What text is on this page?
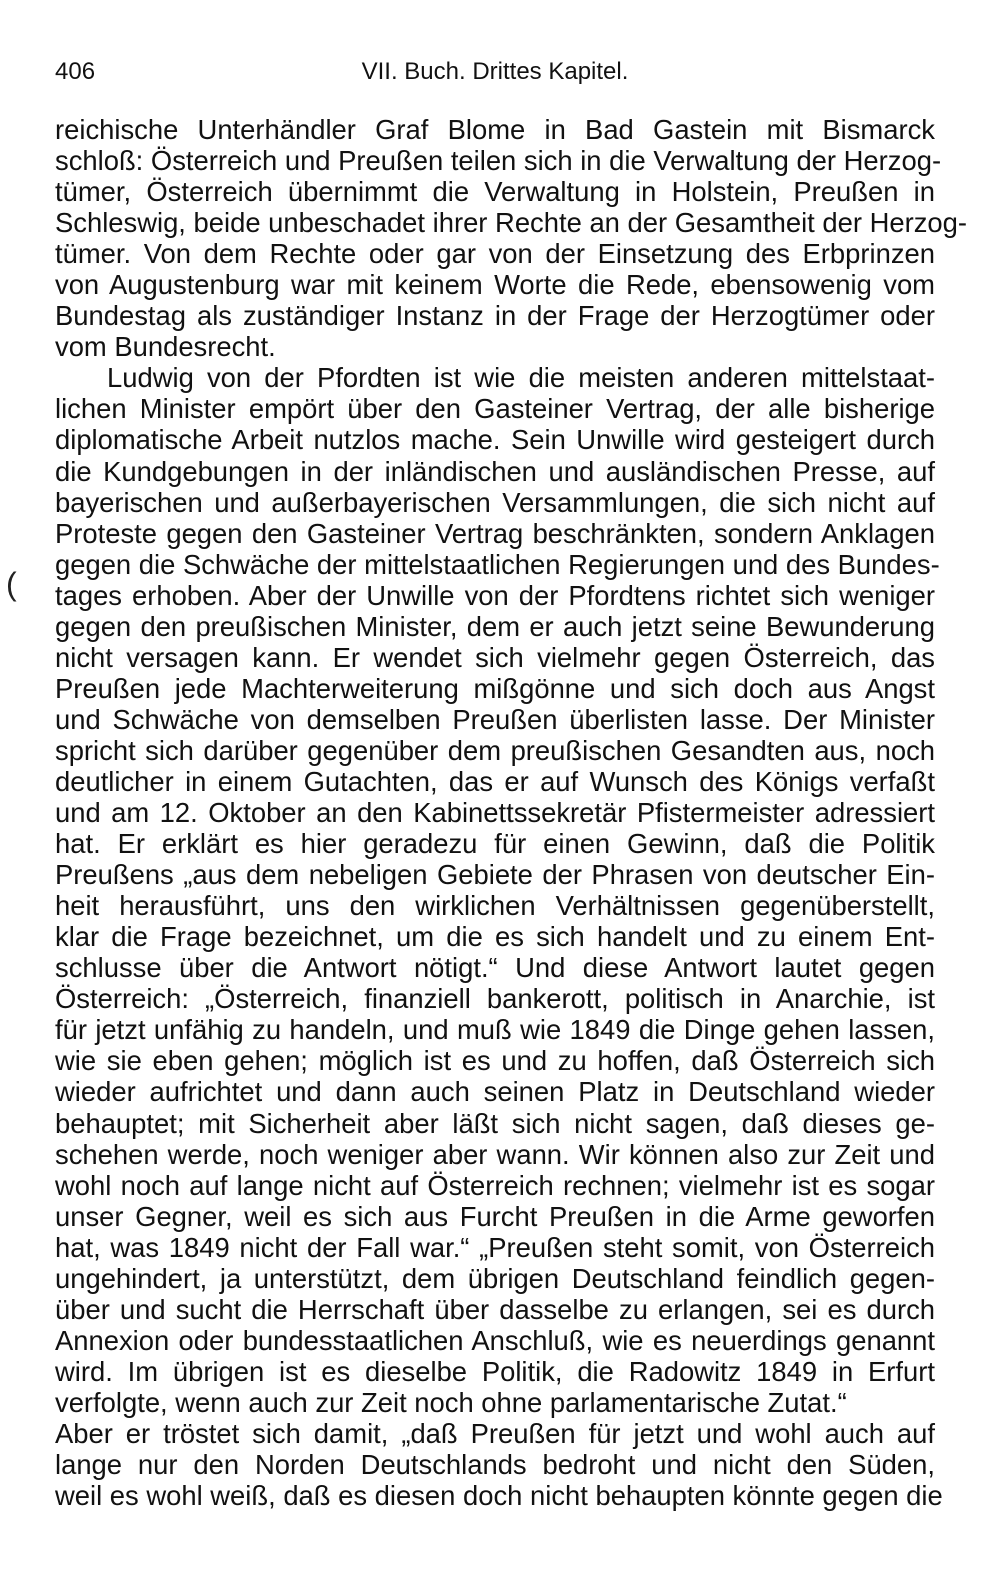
406	VII. Buch. Drittes Kapitel.
(
reichische Unterhändler Graf Blome in Bad Gastein mit Bismarck
schloß: Österreich und Preußen teilen sich in die Verwaltung der Herzog-
tümer, Österreich übernimmt die Verwaltung in Holstein, Preußen in
Schleswig, beide unbeschadet ihrer Rechte an der Gesamtheit der Herzog-
tümer. Von dem Rechte oder gar von der Einsetzung des Erbprinzen
von Augustenburg war mit keinem Worte die Rede, ebensowenig vom
Bundestag als zuständiger Instanz in der Frage der Herzogtümer oder
vom Bundesrecht.
Ludwig von der Pfordten ist wie die meisten anderen mittelstaat-
lichen Minister empört über den Gasteiner Vertrag, der alle bisherige
diplomatische Arbeit nutzlos mache. Sein Unwille wird gesteigert durch
die Kundgebungen in der inländischen und ausländischen Presse, auf
bayerischen und außerbayerischen Versammlungen, die sich nicht auf
Proteste gegen den Gasteiner Vertrag beschränkten, sondern Anklagen
gegen die Schwäche der mittelstaatlichen Regierungen und des Bundes-
tages erhoben. Aber der Unwille von der Pfordtens richtet sich weniger
gegen den preußischen Minister, dem er auch jetzt seine Bewunderung
nicht versagen kann. Er wendet sich vielmehr gegen Österreich, das
Preußen jede Machterweiterung mißgönne und sich doch aus Angst
und Schwäche von demselben Preußen überlisten lasse. Der Minister
spricht sich darüber gegenüber dem preußischen Gesandten aus, noch
deutlicher in einem Gutachten, das er auf Wunsch des Königs verfaßt
und am 12. Oktober an den Kabinettssekretär Pfistermeister adressiert
hat. Er erklärt es hier geradezu für einen Gewinn, daß die Politik
Preußens „aus dem nebeligen Gebiete der Phrasen von deutscher Ein-
heit herausführt, uns den wirklichen Verhältnissen gegenüberstellt,
klar die Frage bezeichnet, um die es sich handelt und zu einem Ent-
schlusse über die Antwort nötigt.“ Und diese Antwort lautet gegen
Österreich: „Österreich, finanziell bankerott, politisch in Anarchie, ist
für jetzt unfähig zu handeln, und muß wie 1849 die Dinge gehen lassen,
wie sie eben gehen; möglich ist es und zu hoffen, daß Österreich sich
wieder aufrichtet und dann auch seinen Platz in Deutschland wieder
behauptet; mit Sicherheit aber läßt sich nicht sagen, daß dieses ge-
schehen werde, noch weniger aber wann. Wir können also zur Zeit und
wohl noch auf lange nicht auf Österreich rechnen; vielmehr ist es sogar
unser Gegner, weil es sich aus Furcht Preußen in die Arme geworfen
hat, was 1849 nicht der Fall war.“ „Preußen steht somit, von Österreich
ungehindert, ja unterstützt, dem übrigen Deutschland feindlich gegen-
über und sucht die Herrschaft über dasselbe zu erlangen, sei es durch
Annexion oder bundesstaatlichen Anschluß, wie es neuerdings genannt
wird. Im übrigen ist es dieselbe Politik, die Radowitz 1849 in Erfurt
verfolgte, wenn auch zur Zeit noch ohne parlamentarische Zutat.“
Aber er tröstet sich damit, „daß Preußen für jetzt und wohl auch auf
lange nur den Norden Deutschlands bedroht und nicht den Süden,
weil es wohl weiß, daß es diesen doch nicht behaupten könnte gegen die
